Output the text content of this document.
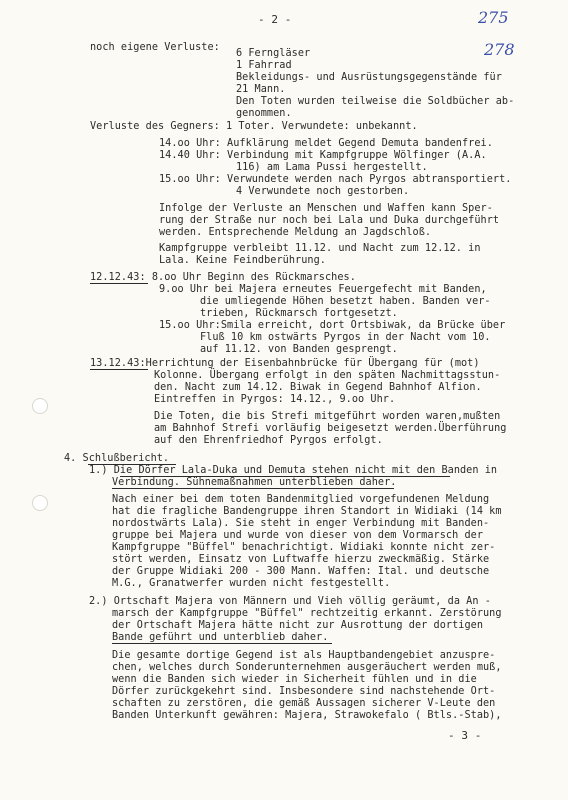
- 2 -	275
278
noch eigene Verluste:
6 Ferngläser
1 Fahrrad
Bekleidungs- und Ausrüstungsgegenstände für
21 Mann.
Den Toten wurden teilweise die Soldbücher ab-
genommen.
Verluste des Gegners: 1 Toter. Verwundete: unbekannt.
14.oo Uhr: Aufklärung meldet Gegend Demuta bandenfrei.
14.40 Uhr: Verbindung mit Kampfgruppe Wölfinger (A.A.
116) am Lama Pussi hergestellt.
15.oo Uhr: Verwundete werden nach Pyrgos abtransportiert.
4 Verwundete noch gestorben.
Infolge der Verluste an Menschen und Waffen kann Sper-
rung der Straße nur noch bei Lala und Duka durchgeführt
werden. Entsprechende Meldung an Jagdschloß.
Kampfgruppe verbleibt 11.12. und Nacht zum 12.12. in
Lala. Keine Feindberührung.
12.12.43: 8.oo Uhr Beginn des Rückmarsches.
9.oo Uhr bei Majera erneutes Feuergefecht mit Banden,
die umliegende Höhen besetzt haben. Banden ver-
trieben, Rückmarsch fortgesetzt.
15.oo Uhr:Smila erreicht, dort Ortsbiwak, da Brücke über
Fluß 10 km ostwärts Pyrgos in der Nacht vom 10.
auf 11.12. von Banden gesprengt.
13.12.43:Herrichtung der Eisenbahnbrücke für Übergang für (mot)
Kolonne. Übergang erfolgt in den späten Nachmittagsstun-
den. Nacht zum 14.12. Biwak in Gegend Bahnhof Alfion.
Eintreffen in Pyrgos: 14.12., 9.oo Uhr.
Die Toten, die bis Strefi mitgeführt worden waren,mußten
am Bahnhof Strefi vorläufig beigesetzt werden.Überführung
auf den Ehrenfriedhof Pyrgos erfolgt.
4. Schlußbericht.
1.) Die Dörfer Lala-Duka und Demuta stehen nicht mit den Banden in
Verbindung. Sühnemaßnahmen unterblieben daher.
Nach einer bei dem toten Bandenmitglied vorgefundenen Meldung
hat die fragliche Bandengruppe ihren Standort in Widiaki (14 km
nordostwärts Lala). Sie steht in enger Verbindung mit Banden-
gruppe bei Majera und wurde von dieser von dem Vormarsch der
Kampfgruppe "Büffel" benachrichtigt. Widiaki konnte nicht zer-
stört werden, Einsatz von Luftwaffe hierzu zweckmäßig. Stärke
der Gruppe Widiaki 200 - 300 Mann. Waffen: Ital. und deutsche
M.G., Granatwerfer wurden nicht festgestellt.
2.) Ortschaft Majera von Männern und Vieh völlig geräumt, da An -
marsch der Kampfgruppe "Büffel" rechtzeitig erkannt. Zerstörung
der Ortschaft Majera hätte nicht zur Ausrottung der dortigen
Bande geführt und unterblieb daher.
Die gesamte dortige Gegend ist als Hauptbandengebiet anzuspre-
chen, welches durch Sonderunternehmen ausgeräuchert werden muß,
wenn die Banden sich wieder in Sicherheit fühlen und in die
Dörfer zurückgekehrt sind. Insbesondere sind nachstehende Ort-
schaften zu zerstören, die gemäß Aussagen sicherer V-Leute den
Banden Unterkunft gewähren: Majera, Strawokefalo ( Btls.-Stab),
- 3 -
